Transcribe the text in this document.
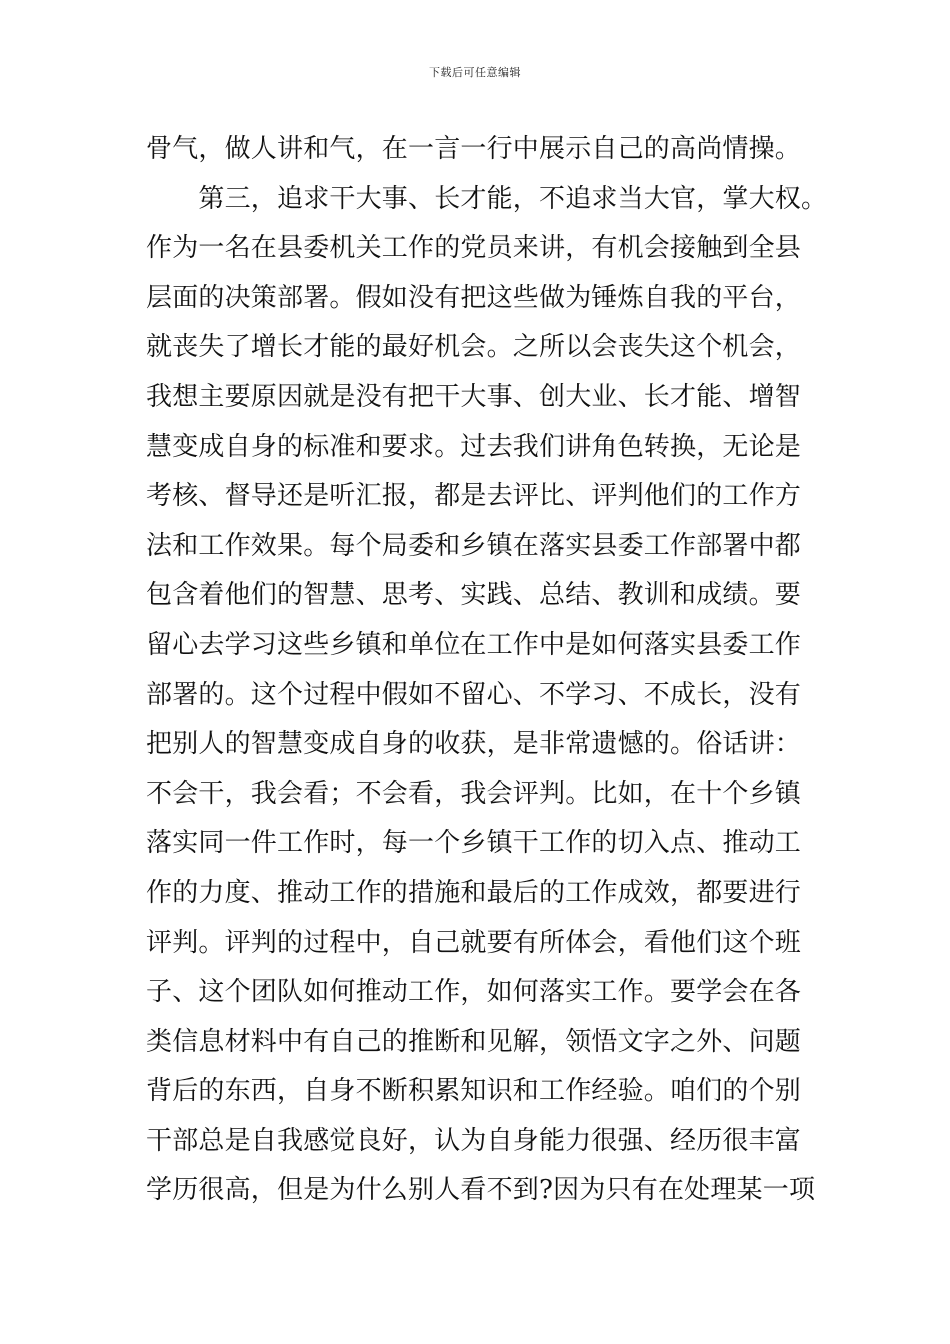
下载后可任意编辑
骨气，做人讲和气，在一言一行中展示自己的高尚情操。
　　第三，追求干大事、长才能，不追求当大官，掌大权。
作为一名在县委机关工作的党员来讲，有机会接触到全县
层面的决策部署。假如没有把这些做为锤炼自我的平台，
就丧失了增长才能的最好机会。之所以会丧失这个机会，
我想主要原因就是没有把干大事、创大业、长才能、增智
慧变成自身的标准和要求。过去我们讲角色转换，无论是
考核、督导还是听汇报，都是去评比、评判他们的工作方
法和工作效果。每个局委和乡镇在落实县委工作部署中都
包含着他们的智慧、思考、实践、总结、教训和成绩。要
留心去学习这些乡镇和单位在工作中是如何落实县委工作
部署的。这个过程中假如不留心、不学习、不成长，没有
把别人的智慧变成自身的收获，是非常遗憾的。俗话讲：
不会干，我会看；不会看，我会评判。比如，在十个乡镇
落实同一件工作时，每一个乡镇干工作的切入点、推动工
作的力度、推动工作的措施和最后的工作成效，都要进行
评判。评判的过程中，自己就要有所体会，看他们这个班
子、这个团队如何推动工作，如何落实工作。要学会在各
类信息材料中有自己的推断和见解，领悟文字之外、问题
背后的东西，自身不断积累知识和工作经验。咱们的个别
干部总是自我感觉良好，认为自身能力很强、经历很丰富
学历很高，但是为什么别人看不到?因为只有在处理某一项
